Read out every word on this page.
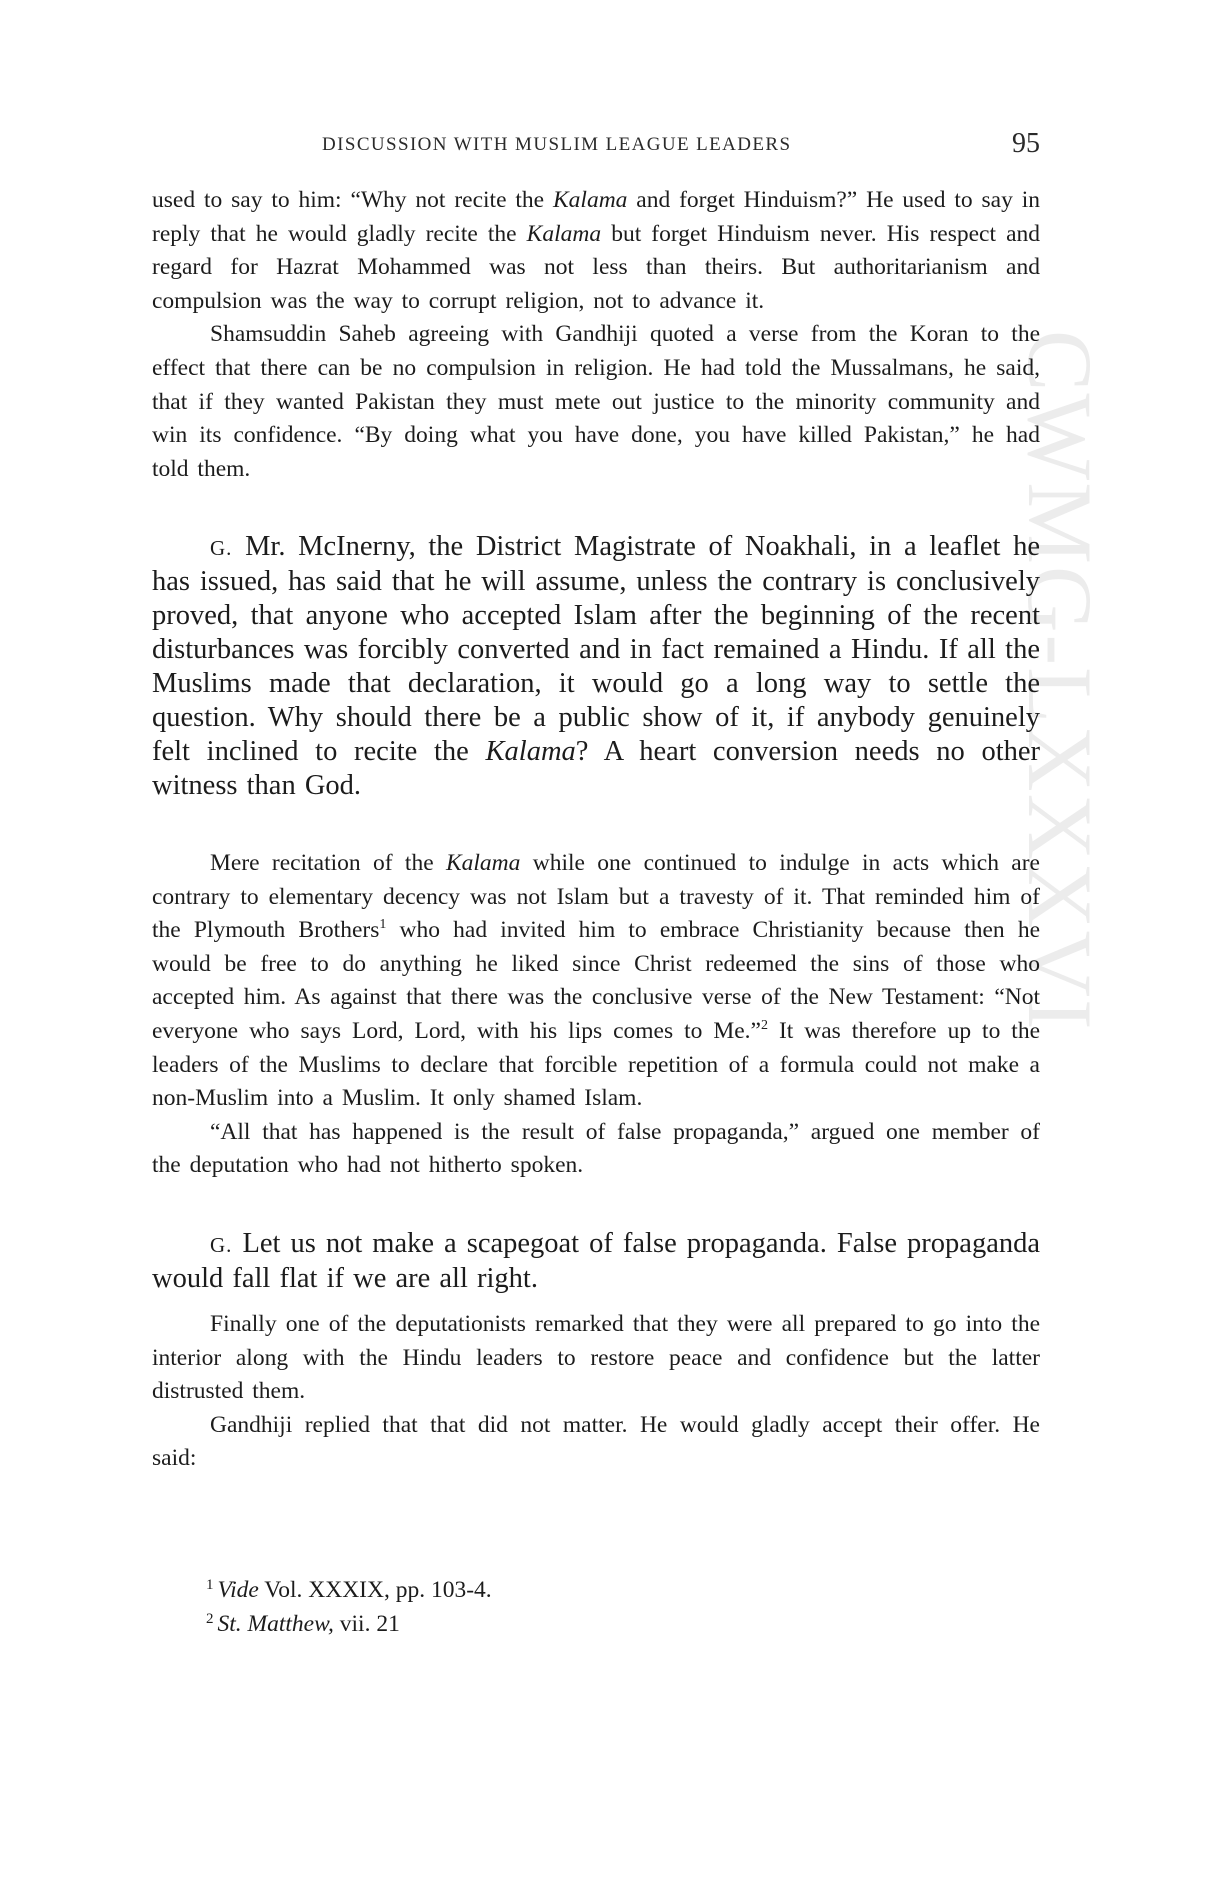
CWMG-LXXXVI
DISCUSSION WITH MUSLIM LEAGUE LEADERS	95

used to say to him: “Why not recite the Kalama and forget Hinduism?” He used to say in reply that he would gladly recite the Kalama but forget Hinduism never. His respect and regard for Hazrat Mohammed was not less than theirs. But authoritarianism and compulsion was the way to corrupt religion, not to advance it.

Shamsuddin Saheb agreeing with Gandhiji quoted a verse from the Koran to the effect that there can be no compulsion in religion. He had told the Mussalmans, he said, that if they wanted Pakistan they must mete out justice to the minority community and win its confidence. “By doing what you have done, you have killed Pakistan,” he had told them.

G. Mr. McInerny, the District Magistrate of Noakhali, in a leaflet he has issued, has said that he will assume, unless the contrary is conclusively proved, that anyone who accepted Islam after the beginning of the recent disturbances was forcibly converted and in fact remained a Hindu. If all the Muslims made that declaration, it would go a long way to settle the question. Why should there be a public show of it, if anybody genuinely felt inclined to recite the Kalama? A heart conversion needs no other witness than God.

Mere recitation of the Kalama while one continued to indulge in acts which are contrary to elementary decency was not Islam but a travesty of it. That reminded him of the Plymouth Brothers$^1$ who had invited him to embrace Christianity because then he would be free to do anything he liked since Christ redeemed the sins of those who accepted him. As against that there was the conclusive verse of the New Testament: “Not everyone who says Lord, Lord, with his lips comes to Me.”$^2$ It was therefore up to the leaders of the Muslims to declare that forcible repetition of a formula could not make a non-Muslim into a Muslim. It only shamed Islam.

“All that has happened is the result of false propaganda,” argued one member of the deputation who had not hitherto spoken.

G. Let us not make a scapegoat of false propaganda. False propaganda would fall flat if we are all right.

Finally one of the deputationists remarked that they were all prepared to go into the interior along with the Hindu leaders to restore peace and confidence but the latter distrusted them.

Gandhiji replied that that did not matter. He would gladly accept their offer. He said:

$^1$ Vide Vol. XXXIX, pp. 103-4.

$^2$ St. Matthew, vii. 21
